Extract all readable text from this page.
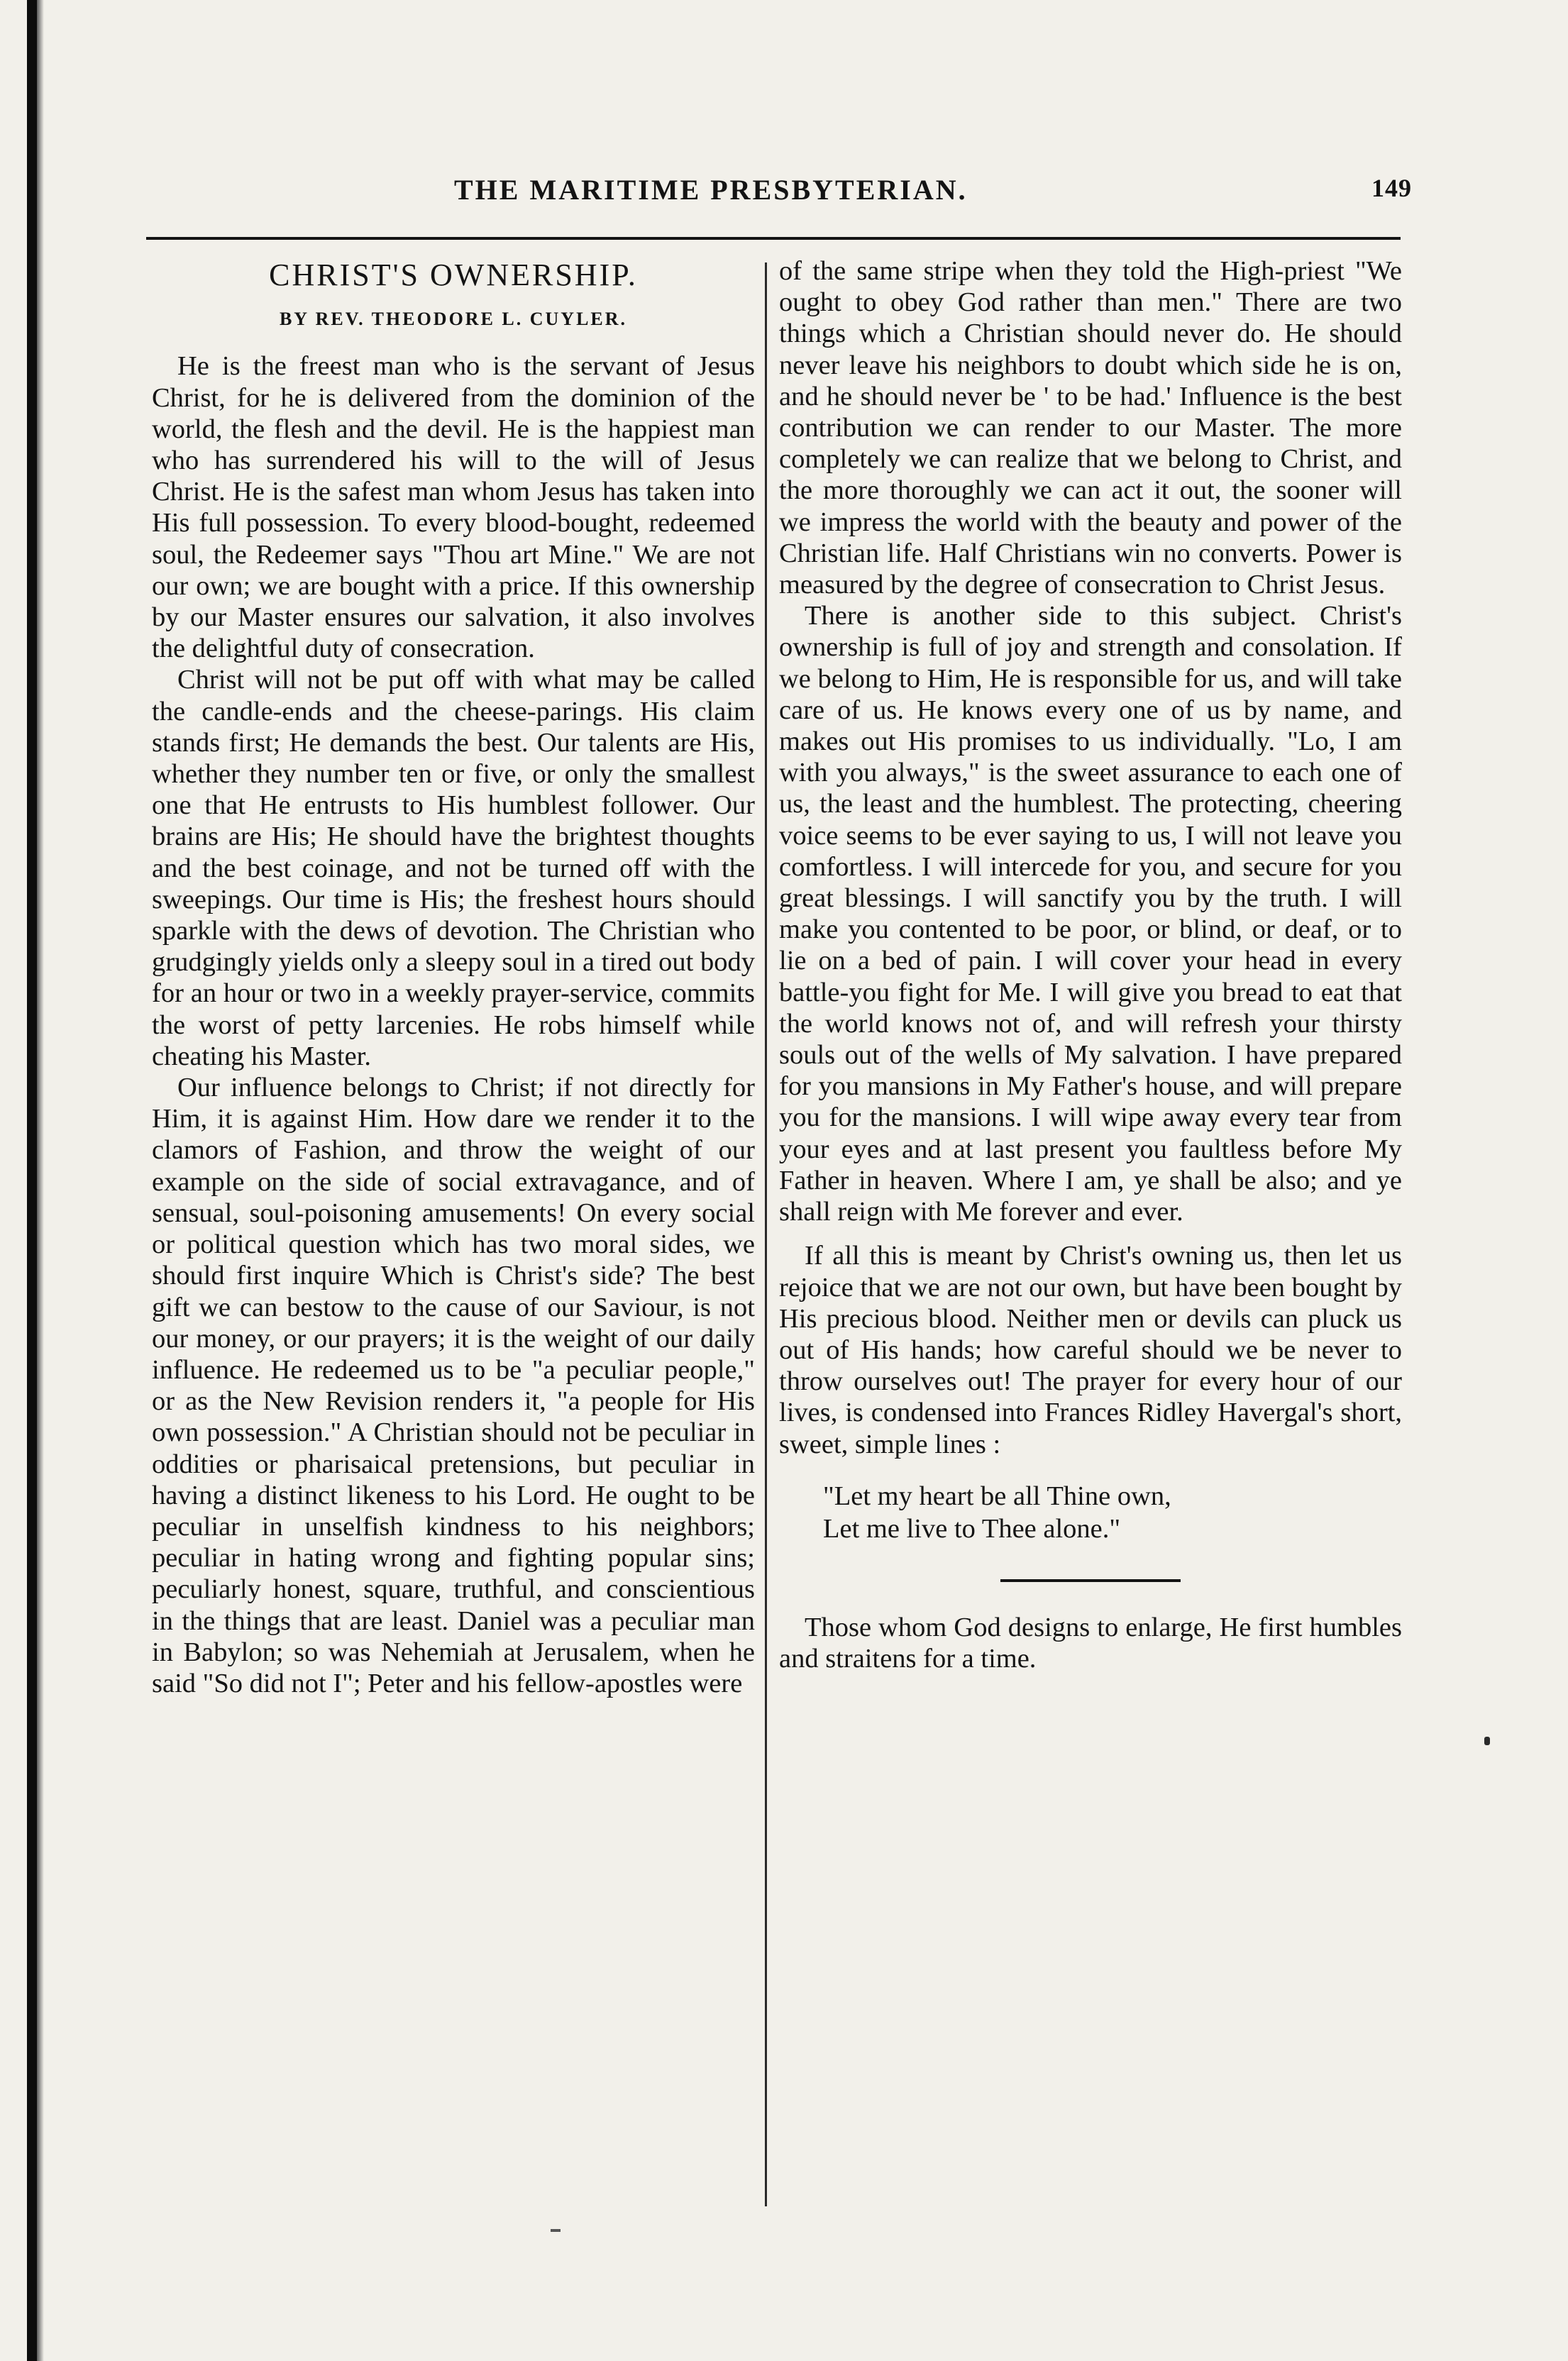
THE MARITIME PRESBYTERIAN.	149
CHRIST'S OWNERSHIP.
BY REV. THEODORE L. CUYLER.

He is the freest man who is the servant of Jesus Christ, for he is delivered from the dominion of the world, the flesh and the devil. He is the happiest man who has surrendered his will to the will of Jesus Christ. He is the safest man whom Jesus has taken into His full possession. To every blood-bought, redeemed soul, the Redeemer says "Thou art Mine." We are not our own; we are bought with a price. If this ownership by our Master ensures our salvation, it also involves the delightful duty of consecration.

Christ will not be put off with what may be called the candle-ends and the cheese-parings. His claim stands first; He demands the best. Our talents are His, whether they number ten or five, or only the smallest one that He entrusts to His humblest follower. Our brains are His; He should have the brightest thoughts and the best coinage, and not be turned off with the sweepings. Our time is His; the freshest hours should sparkle with the dews of devotion. The Christian who grudgingly yields only a sleepy soul in a tired out body for an hour or two in a weekly prayer-service, commits the worst of petty larcenies. He robs himself while cheating his Master.

Our influence belongs to Christ; if not directly for Him, it is against Him. How dare we render it to the clamors of Fashion, and throw the weight of our example on the side of social extravagance, and of sensual, soul-poisoning amusements! On every social or political question which has two moral sides, we should first inquire Which is Christ's side? The best gift we can bestow to the cause of our Saviour, is not our money, or our prayers; it is the weight of our daily influence. He redeemed us to be "a peculiar people," or as the New Revision renders it, "a people for His own possession." A Christian should not be peculiar in oddities or pharisaical pretensions, but peculiar in having a distinct likeness to his Lord. He ought to be peculiar in unselfish kindness to his neighbors; peculiar in hating wrong and fighting popular sins; peculiarly honest, square, truthful, and conscientious in the things that are least. Daniel was a peculiar man in Babylon; so was Nehemiah at Jerusalem, when he said "So did not I"; Peter and his fellow-apostles were

of the same stripe when they told the High-priest "We ought to obey God rather than men." There are two things which a Christian should never do. He should never leave his neighbors to doubt which side he is on, and he should never be ' to be had.' Influence is the best contribution we can render to our Master. The more completely we can realize that we belong to Christ, and the more thoroughly we can act it out, the sooner will we impress the world with the beauty and power of the Christian life. Half Christians win no converts. Power is measured by the degree of consecration to Christ Jesus.

There is another side to this subject. Christ's ownership is full of joy and strength and consolation. If we belong to Him, He is responsible for us, and will take care of us. He knows every one of us by name, and makes out His promises to us individually. "Lo, I am with you always," is the sweet assurance to each one of us, the least and the humblest. The protecting, cheering voice seems to be ever saying to us, I will not leave you comfortless. I will intercede for you, and secure for you great blessings. I will sanctify you by the truth. I will make you contented to be poor, or blind, or deaf, or to lie on a bed of pain. I will cover your head in every battle-you fight for Me. I will give you bread to eat that the world knows not of, and will refresh your thirsty souls out of the wells of My salvation. I have prepared for you mansions in My Father's house, and will prepare you for the mansions. I will wipe away every tear from your eyes and at last present you faultless before My Father in heaven. Where I am, ye shall be also; and ye shall reign with Me forever and ever.

If all this is meant by Christ's owning us, then let us rejoice that we are not our own, but have been bought by His precious blood. Neither men or devils can pluck us out of His hands; how careful should we be never to throw ourselves out! The prayer for every hour of our lives, is condensed into Frances Ridley Havergal's short, sweet, simple lines :

"Let my heart be all Thine own,
Let me live to Thee alone."

Those whom God designs to enlarge, He first humbles and straitens for a time.
